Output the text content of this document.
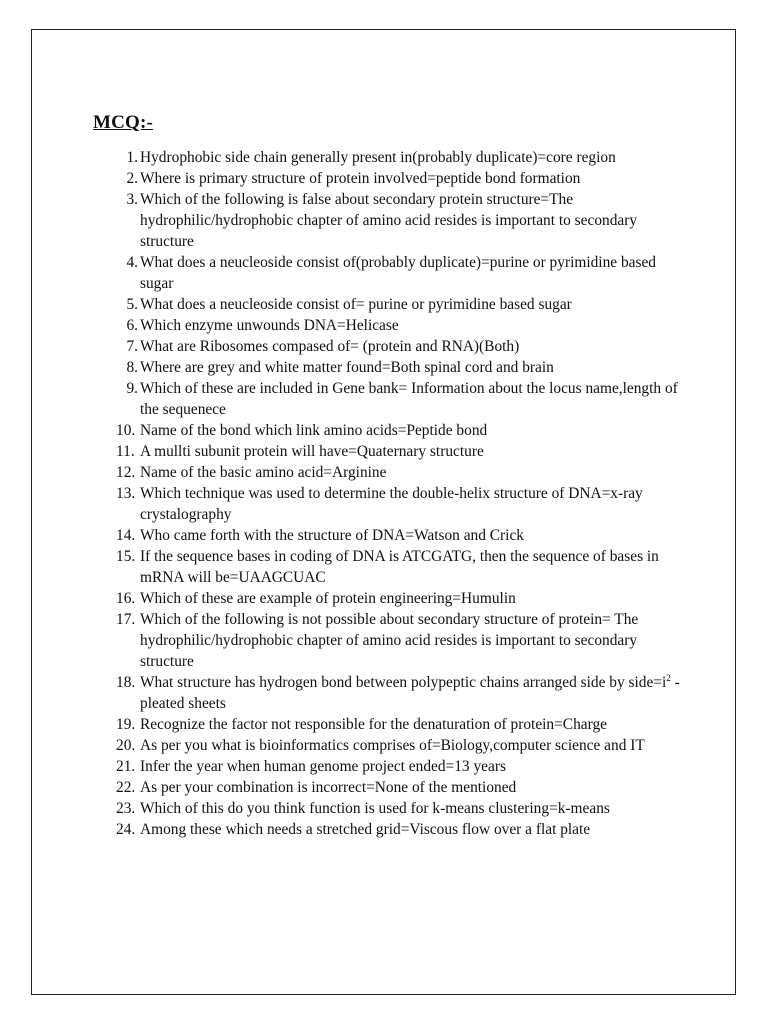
MCQ:-
1. Hydrophobic side chain generally present in(probably duplicate)=core region
2. Where is primary structure of protein involved=peptide bond formation
3. Which of the following is false about secondary protein structure=The hydrophilic/hydrophobic chapter of amino acid resides is important to secondary structure
4. What does a neucleoside consist of(probably duplicate)=purine or pyrimidine based sugar
5. What does a neucleoside consist of= purine or pyrimidine based sugar
6. Which enzyme unwounds DNA=Helicase
7. What are Ribosomes compased of= (protein and RNA)(Both)
8. Where are grey and white matter found=Both spinal cord and brain
9. Which of these are included in Gene bank= Information about the locus name,length of the sequenece
10. Name of the bond which link amino acids=Peptide bond
11. A mullti subunit protein will have=Quaternary structure
12. Name of the basic amino acid=Arginine
13. Which technique was used to determine the double-helix structure of DNA=x-ray crystalography
14. Who came forth with the structure of DNA=Watson and Crick
15. If the sequence bases in coding of DNA is ATCGATG, then the sequence of bases in mRNA will be=UAAGCUAC
16. Which of these are example of protein engineering=Humulin
17. Which of the following is not possible about secondary structure of protein= The hydrophilic/hydrophobic chapter of amino acid resides is important to secondary structure
18. What structure has hydrogen bond between polypeptic chains arranged side by $side=i^2$ -pleated sheets
19. Recognize the factor not responsible for the denaturation of protein=Charge
20. As per you what is bioinformatics comprises of=Biology,computer science and IT
21. Infer the year when human genome project ended=13 years
22. As per your combination is incorrect=None of the mentioned
23. Which of this do you think function is used for k-means clustering=k-means
24. Among these which needs a stretched grid=Viscous flow over a flat plate
